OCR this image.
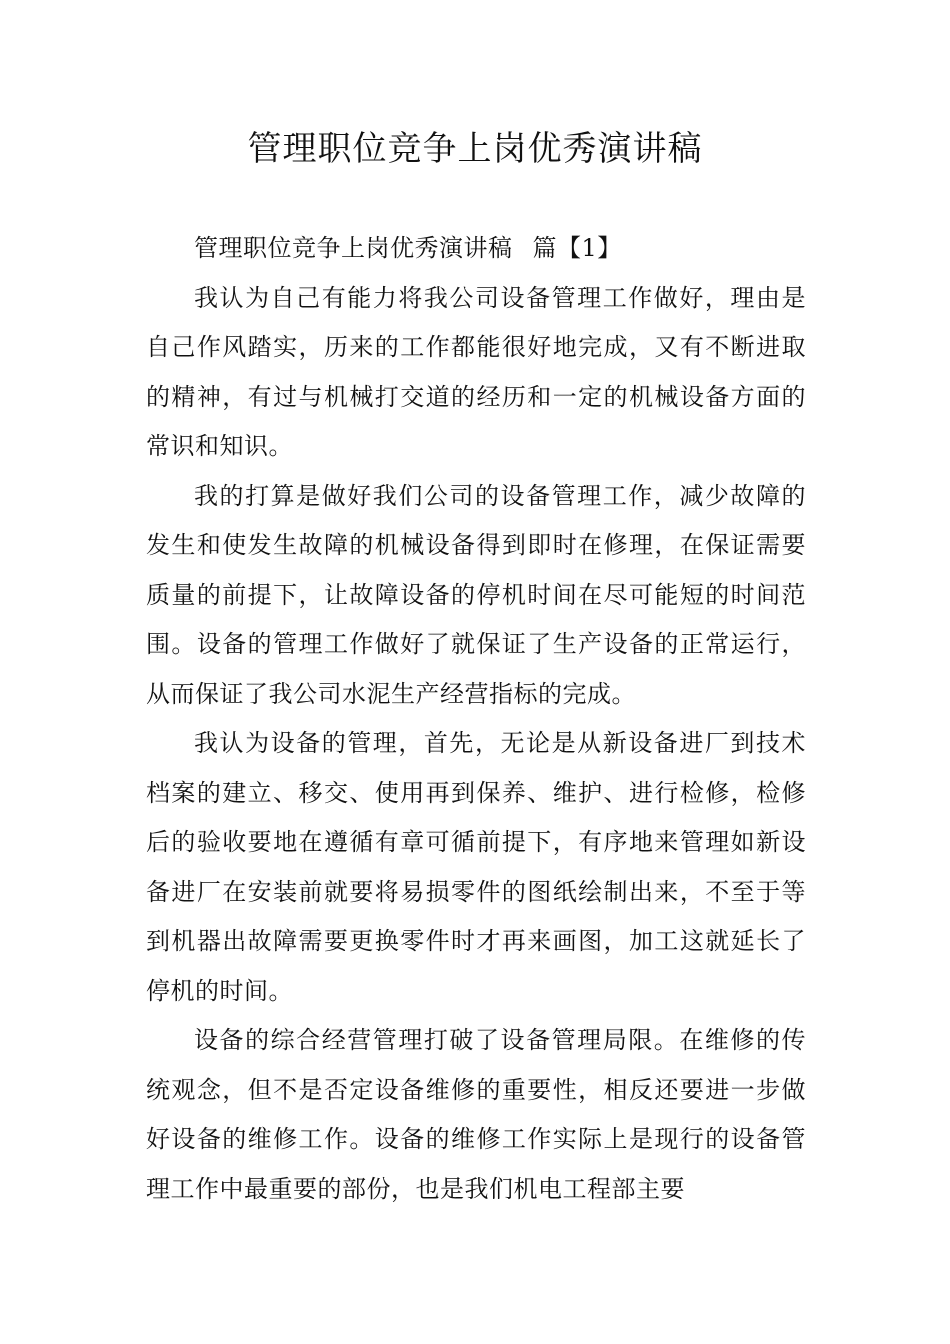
管理职位竞争上岗优秀演讲稿

管理职位竞争上岗优秀演讲稿 篇【1】

我认为自己有能力将我公司设备管理工作做好，理由是自己作风踏实，历来的工作都能很好地完成，又有不断进取的精神，有过与机械打交道的经历和一定的机械设备方面的常识和知识。

我的打算是做好我们公司的设备管理工作，减少故障的发生和使发生故障的机械设备得到即时在修理，在保证需要质量的前提下，让故障设备的停机时间在尽可能短的时间范围。设备的管理工作做好了就保证了生产设备的正常运行，从而保证了我公司水泥生产经营指标的完成。

我认为设备的管理，首先，无论是从新设备进厂到技术档案的建立、移交、使用再到保养、维护、进行检修，检修后的验收要地在遵循有章可循前提下，有序地来管理如新设备进厂在安装前就要将易损零件的图纸绘制出来，不至于等到机器出故障需要更换零件时才再来画图，加工这就延长了停机的时间。

设备的综合经营管理打破了设备管理局限。在维修的传统观念，但不是否定设备维修的重要性，相反还要进一步做好设备的维修工作。设备的维修工作实际上是现行的设备管理工作中最重要的部份，也是我们机电工程部主要
